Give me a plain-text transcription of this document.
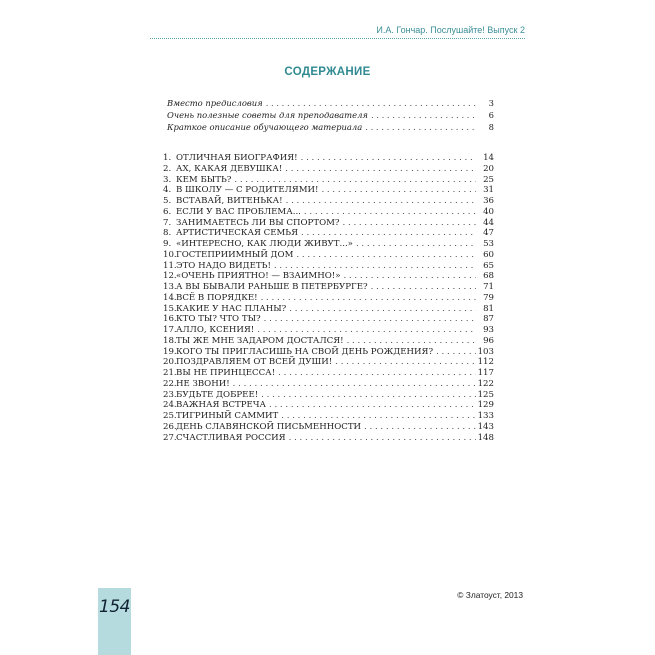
И.А. Гончар. Послушайте! Выпуск 2
СОДЕРЖАНИЕ
Вместо предисловия . . .	3
Очень полезные советы для преподавателя . . .	6
Краткое описание обучающего материала . . .	8
1. ОТЛИЧНАЯ БИОГРАФИЯ! . . .	14
2. АХ, КАКАЯ ДЕВУШКА! . . .	20
3. КЕМ БЫТЬ? . . .	25
4. В ШКОЛУ — С РОДИТЕЛЯМИ! . . .	31
5. ВСТАВАЙ, ВИТЕНЬКА! . . .	36
6. ЕСЛИ У ВАС ПРОБЛЕМА... . . .	40
7. ЗАНИМАЕТЕСЬ ЛИ ВЫ СПОРТОМ? . . .	44
8. АРТИСТИЧЕСКАЯ СЕМЬЯ . . .	47
9. «ИНТЕРЕСНО, КАК ЛЮДИ ЖИВУТ...» . . .	53
10. ГОСТЕПРИИМНЫЙ ДОМ . . .	60
11. ЭТО НАДО ВИДЕТЬ! . . .	65
12. «ОЧЕНЬ ПРИЯТНО! — ВЗАИМНО!» . . .	68
13. А ВЫ БЫВАЛИ РАНЬШЕ В ПЕТЕРБУРГЕ? . . .	71
14. ВСЁ В ПОРЯДКЕ! . . .	79
15. КАКИЕ У НАС ПЛАНЫ? . . .	81
16. КТО ТЫ? ЧТО ТЫ? . . .	87
17. АЛЛО, КСЕНИЯ! . . .	93
18. ТЫ ЖЕ МНЕ ЗАДАРОМ ДОСТАЛСЯ! . . .	96
19. КОГО ТЫ ПРИГЛАСИШЬ НА СВОЙ ДЕНЬ РОЖДЕНИЯ? . . .	103
20. ПОЗДРАВЛЯЕМ ОТ ВСЕЙ ДУШИ! . . .	112
21. ВЫ НЕ ПРИНЦЕССА! . . .	117
22. НЕ ЗВОНИ! . . .	122
23. БУДЬТЕ ДОБРЕЕ! . . .	125
24. ВАЖНАЯ ВСТРЕЧА . . .	129
25. ТИГРИНЫЙ САММИТ . . .	133
26. ДЕНЬ СЛАВЯНСКОЙ ПИСЬМЕННОСТИ . . .	143
27. СЧАСТЛИВАЯ РОССИЯ . . .	148
154
© Златоуст, 2013
